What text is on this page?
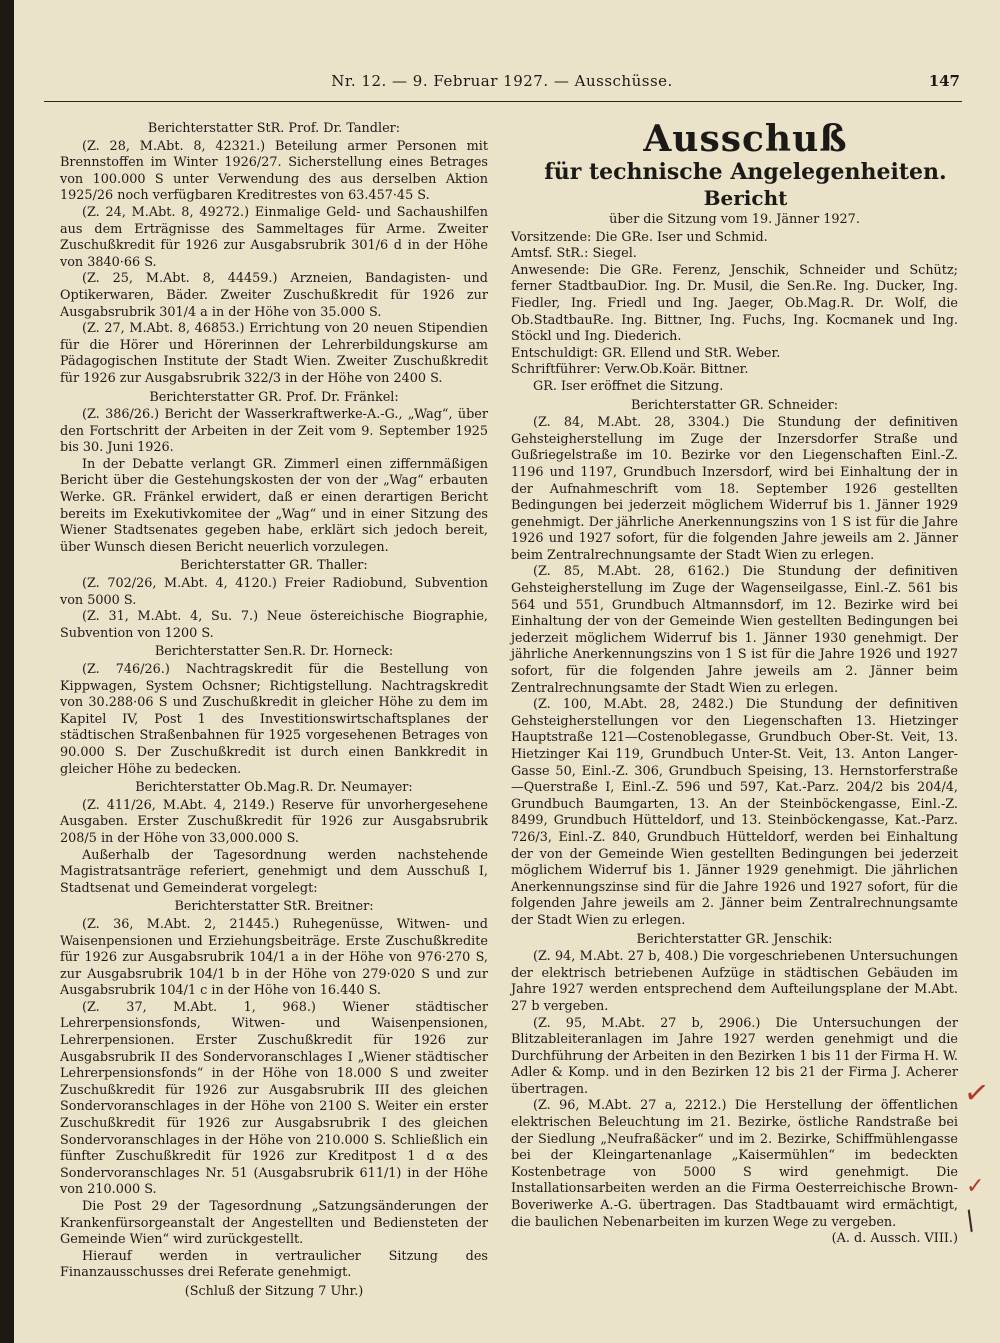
Nr. 12. — 9. Februar 1927. — Ausschüsse.	147

Berichterstatter StR. Prof. Dr. Tandler:

(Z. 28, M.Abt. 8, 42321.) Beteilung armer Personen mit Brennstoffen im Winter 1926/27. Sicherstellung eines Betrages von 100.000 S unter Verwendung des aus derselben Aktion 1925/26 noch verfügbaren Kreditrestes von 63.457·45 S.

(Z. 24, M.Abt. 8, 49272.) Einmalige Geld- und Sachaushilfen aus dem Erträgnisse des Sammeltages für Arme. Zweiter Zuschußkredit für 1926 zur Ausgabsrubrik 301/6 d in der Höhe von 3840·66 S.

(Z. 25, M.Abt. 8, 44459.) Arzneien, Bandagisten- und Optikerwaren, Bäder. Zweiter Zuschußkredit für 1926 zur Ausgabsrubrik 301/4 a in der Höhe von 35.000 S.

(Z. 27, M.Abt. 8, 46853.) Errichtung von 20 neuen Stipendien für die Hörer und Hörerinnen der Lehrerbildungskurse am Pädagogischen Institute der Stadt Wien. Zweiter Zuschußkredit für 1926 zur Ausgabsrubrik 322/3 in der Höhe von 2400 S.

Berichterstatter GR. Prof. Dr. Fränkel:

(Z. 386/26.) Bericht der Wasserkraftwerke-A.-G., „Wag“, über den Fortschritt der Arbeiten in der Zeit vom 9. September 1925 bis 30. Juni 1926.

In der Debatte verlangt GR. Zimmerl einen ziffernmäßigen Bericht über die Gestehungskosten der von der „Wag“ erbauten Werke. GR. Fränkel erwidert, daß er einen derartigen Bericht bereits im Exekutivkomitee der „Wag“ und in einer Sitzung des Wiener Stadtsenates gegeben habe, erklärt sich jedoch bereit, über Wunsch diesen Bericht neuerlich vorzulegen.

Berichterstatter GR. Thaller:

(Z. 702/26, M.Abt. 4, 4120.) Freier Radiobund, Subvention von 5000 S.

(Z. 31, M.Abt. 4, Su. 7.) Neue östereichische Biographie, Subvention von 1200 S.

Berichterstatter Sen.R. Dr. Horneck:

(Z. 746/26.) Nachtragskredit für die Bestellung von Kippwagen, System Ochsner; Richtigstellung. Nachtragskredit von 30.288·06 S und Zuschußkredit in gleicher Höhe zu dem im Kapitel IV, Post 1 des Investitionswirtschaftsplanes der städtischen Straßenbahnen für 1925 vorgesehenen Betrages von 90.000 S. Der Zuschußkredit ist durch einen Bankkredit in gleicher Höhe zu bedecken.

Berichterstatter Ob.Mag.R. Dr. Neumayer:

(Z. 411/26, M.Abt. 4, 2149.) Reserve für unvorhergesehene Ausgaben. Erster Zuschußkredit für 1926 zur Ausgabsrubrik 208/5 in der Höhe von 33,000.000 S.

Außerhalb der Tagesordnung werden nachstehende Magistratsanträge referiert, genehmigt und dem Ausschuß I, Stadtsenat und Gemeinderat vorgelegt:

Berichterstatter StR. Breitner:

(Z. 36, M.Abt. 2, 21445.) Ruhegenüsse, Witwen- und Waisenpensionen und Erziehungsbeiträge. Erste Zuschußkredite für 1926 zur Ausgabsrubrik 104/1 a in der Höhe von 976·270 S, zur Ausgabsrubrik 104/1 b in der Höhe von 279·020 S und zur Ausgabsrubrik 104/1 c in der Höhe von 16.440 S.

(Z. 37, M.Abt. 1, 968.) Wiener städtischer Lehrerpensionsfonds, Witwen- und Waisenpensionen, Lehrerpensionen. Erster Zuschußkredit für 1926 zur Ausgabsrubrik II des Sondervoranschlages I „Wiener städtischer Lehrerpensionsfonds“ in der Höhe von 18.000 S und zweiter Zuschußkredit für 1926 zur Ausgabsrubrik III des gleichen Sondervoranschlages in der Höhe von 2100 S. Weiter ein erster Zuschußkredit für 1926 zur Ausgabsrubrik I des gleichen Sondervoranschlages in der Höhe von 210.000 S. Schließlich ein fünfter Zuschußkredit für 1926 zur Kreditpost 1 d α des Sondervoranschlages Nr. 51 (Ausgabsrubrik 611/1) in der Höhe von 210.000 S.

Die Post 29 der Tagesordnung „Satzungsänderungen der Krankenfürsorgeanstalt der Angestellten und Bediensteten der Gemeinde Wien“ wird zurückgestellt.

Hierauf werden in vertraulicher Sitzung des Finanzausschusses drei Referate genehmigt.

(Schluß der Sitzung 7 Uhr.)

Ausschuß

für technische Angelegenheiten.

Bericht

über die Sitzung vom 19. Jänner 1927.

Vorsitzende: Die GRe. Iser und Schmid.

Amtsf. StR.: Siegel.

Anwesende: Die GRe. Ferenz, Jenschik, Schneider und Schütz; ferner StadtbauDior. Ing. Dr. Musil, die Sen.Re. Ing. Ducker, Ing. Fiedler, Ing. Friedl und Ing. Jaeger, Ob.Mag.R. Dr. Wolf, die Ob.StadtbauRe. Ing. Bittner, Ing. Fuchs, Ing. Kocmanek und Ing. Stöckl und Ing. Diederich.

Entschuldigt: GR. Ellend und StR. Weber.

Schriftführer: Verw.Ob.Koär. Bittner.

GR. Iser eröffnet die Sitzung.

Berichterstatter GR. Schneider:

(Z. 84, M.Abt. 28, 3304.) Die Stundung der definitiven Gehsteigherstellung im Zuge der Inzersdorfer Straße und Gußriegelstraße im 10. Bezirke vor den Liegenschaften Einl.-Z. 1196 und 1197, Grundbuch Inzersdorf, wird bei Einhaltung der in der Aufnahmeschrift vom 18. September 1926 gestellten Bedingungen bei jederzeit möglichem Widerruf bis 1. Jänner 1929 genehmigt. Der jährliche Anerkennungszins von 1 S ist für die Jahre 1926 und 1927 sofort, für die folgenden Jahre jeweils am 2. Jänner beim Zentralrechnungsamte der Stadt Wien zu erlegen.

(Z. 85, M.Abt. 28, 6162.) Die Stundung der definitiven Gehsteigherstellung im Zuge der Wagenseilgasse, Einl.-Z. 561 bis 564 und 551, Grundbuch Altmannsdorf, im 12. Bezirke wird bei Einhaltung der von der Gemeinde Wien gestellten Bedingungen bei jederzeit möglichem Widerruf bis 1. Jänner 1930 genehmigt. Der jährliche Anerkennungszins von 1 S ist für die Jahre 1926 und 1927 sofort, für die folgenden Jahre jeweils am 2. Jänner beim Zentralrechnungsamte der Stadt Wien zu erlegen.

(Z. 100, M.Abt. 28, 2482.) Die Stundung der definitiven Gehsteigherstellungen vor den Liegenschaften 13. Hietzinger Hauptstraße 121—Costenoblegasse, Grundbuch Ober-St. Veit, 13. Hietzinger Kai 119, Grundbuch Unter-St. Veit, 13. Anton Langer-Gasse 50, Einl.-Z. 306, Grundbuch Speising, 13. Hernstorferstraße—Querstraße I, Einl.-Z. 596 und 597, Kat.-Parz. 204/2 bis 204/4, Grundbuch Baumgarten, 13. An der Steinböckengasse, Einl.-Z. 8499, Grundbuch Hütteldorf, und 13. Steinböckengasse, Kat.-Parz. 726/3, Einl.-Z. 840, Grundbuch Hütteldorf, werden bei Einhaltung der von der Gemeinde Wien gestellten Bedingungen bei jederzeit möglichem Widerruf bis 1. Jänner 1929 genehmigt. Die jährlichen Anerkennungszinse sind für die Jahre 1926 und 1927 sofort, für die folgenden Jahre jeweils am 2. Jänner beim Zentralrechnungsamte der Stadt Wien zu erlegen.

Berichterstatter GR. Jenschik:

(Z. 94, M.Abt. 27 b, 408.) Die vorgeschriebenen Untersuchungen der elektrisch betriebenen Aufzüge in städtischen Gebäuden im Jahre 1927 werden entsprechend dem Aufteilungsplane der M.Abt. 27 b vergeben.

(Z. 95, M.Abt. 27 b, 2906.) Die Untersuchungen der Blitzableiteranlagen im Jahre 1927 werden genehmigt und die Durchführung der Arbeiten in den Bezirken 1 bis 11 der Firma H. W. Adler & Komp. und in den Bezirken 12 bis 21 der Firma J. Acherer übertragen.

(Z. 96, M.Abt. 27 a, 2212.) Die Herstellung der öffentlichen elektrischen Beleuchtung im 21. Bezirke, östliche Randstraße bei der Siedlung „Neufraßäcker“ und im 2. Bezirke, Schiffmühlengasse bei der Kleingartenanlage „Kaisermühlen“ im bedeckten Kostenbetrage von 5000 S wird genehmigt. Die Installationsarbeiten werden an die Firma Oesterreichische Brown-Boveriwerke A.-G. übertragen. Das Stadtbauamt wird ermächtigt, die baulichen Nebenarbeiten im kurzen Wege zu vergeben.

(A. d. Aussch. VIII.)

✓
✓
/
